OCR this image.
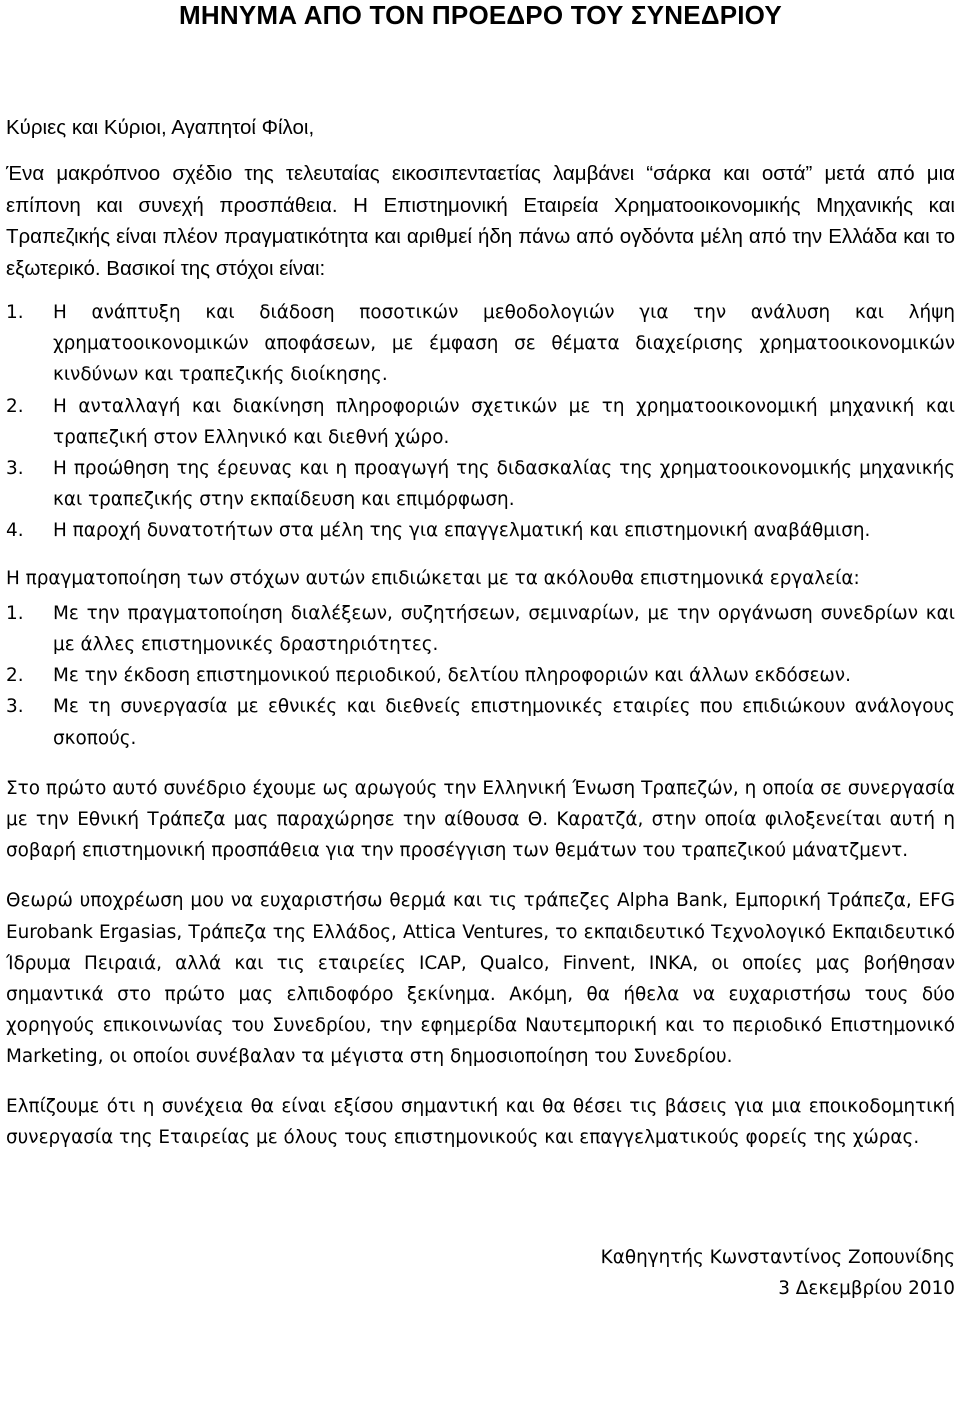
ΜΗΝΥΜΑ ΑΠΟ ΤΟΝ ΠΡΟΕΔΡΟ ΤΟΥ ΣΥΝΕΔΡΙΟΥ

Κύριες και Κύριοι, Αγαπητοί Φίλοι,

Ένα μακρόπνοο σχέδιο της τελευταίας εικοσιπενταετίας λαμβάνει “σάρκα και οστά” μετά από μια επίπονη και συνεχή προσπάθεια. Η Επιστημονική Εταιρεία Χρηματοοικονομικής Μηχανικής και Τραπεζικής είναι πλέον πραγματικότητα και αριθμεί ήδη πάνω από ογδόντα μέλη από την Ελλάδα και το εξωτερικό. Βασικοί της στόχοι είναι:

1.	Η ανάπτυξη και διάδοση ποσοτικών μεθοδολογιών για την ανάλυση και λήψη χρηματοοικονομικών αποφάσεων, με έμφαση σε θέματα διαχείρισης χρηματοοικονομικών κινδύνων και τραπεζικής διοίκησης.
2.	Η ανταλλαγή και διακίνηση πληροφοριών σχετικών με τη χρηματοοικονομική μηχανική και τραπεζική στον Ελληνικό και διεθνή χώρο.
3.	Η προώθηση της έρευνας και η προαγωγή της διδασκαλίας της χρηματοοικονομικής μηχανικής και τραπεζικής στην εκπαίδευση και επιμόρφωση.
4.	Η παροχή δυνατοτήτων στα μέλη της για επαγγελματική και επιστημονική αναβάθμιση.

Η πραγματοποίηση των στόχων αυτών επιδιώκεται με τα ακόλουθα επιστημονικά εργαλεία:

1.	Με την πραγματοποίηση διαλέξεων, συζητήσεων, σεμιναρίων, με την οργάνωση συνεδρίων και με άλλες επιστημονικές δραστηριότητες.
2.	Με την έκδοση επιστημονικού περιοδικού, δελτίου πληροφοριών και άλλων εκδόσεων.
3.	Με τη συνεργασία με εθνικές και διεθνείς επιστημονικές εταιρίες που επιδιώκουν ανάλογους σκοπούς.

Στο πρώτο αυτό συνέδριο έχουμε ως αρωγούς την Ελληνική Ένωση Τραπεζών, η οποία σε συνεργασία με την Εθνική Τράπεζα μας παραχώρησε την αίθουσα Θ. Καρατζά, στην οποία φιλοξενείται αυτή η σοβαρή επιστημονική προσπάθεια για την προσέγγιση των θεμάτων του τραπεζικού μάνατζμεντ.

Θεωρώ υποχρέωση μου να ευχαριστήσω θερμά και τις τράπεζες Alpha Bank, Εμπορική Τράπεζα, EFG Eurobank Ergasias, Τράπεζα της Ελλάδος, Attica Ventures, το εκπαιδευτικό Τεχνολογικό Εκπαιδευτικό Ίδρυμα Πειραιά, αλλά και τις εταιρείες ICAP, Qualco, Finvent, INKA, οι οποίες μας βοήθησαν σημαντικά στο πρώτο μας ελπιδοφόρο ξεκίνημα. Ακόμη, θα ήθελα να ευχαριστήσω τους δύο χορηγούς επικοινωνίας του Συνεδρίου, την εφημερίδα Ναυτεμπορική και το περιοδικό Επιστημονικό Marketing, οι οποίοι συνέβαλαν τα μέγιστα στη δημοσιοποίηση του Συνεδρίου.

Ελπίζουμε ότι η συνέχεια θα είναι εξίσου σημαντική και θα θέσει τις βάσεις για μια εποικοδομητική συνεργασία της Εταιρείας με όλους τους επιστημονικούς και επαγγελματικούς φορείς της χώρας.

Καθηγητής Κωνσταντίνος Ζοπουνίδης
3 Δεκεμβρίου 2010
